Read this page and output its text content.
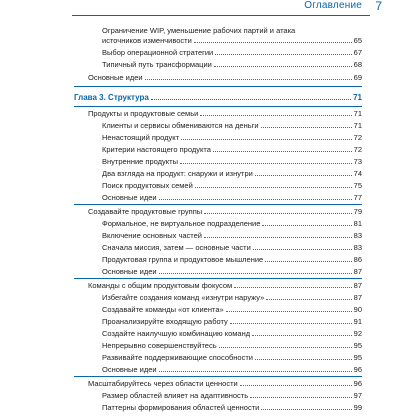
Оглавление 7
Ограничение WIP, уменьшение рабочих партий и атака
источников изменчивости	65
Выбор операционной стратегии	67
Типичный путь трансформации	68
Основные идеи	69
Глава 3. Структура	71
Продукты и продуктовые семьи	71
Клиенты и сервисы обмениваются на деньги	71
Ненастоящий продукт	72
Критерии настоящего продукта	72
Внутренние продукты	73
Два взгляда на продукт: снаружи и изнутри	74
Поиск продуктовых семей	75
Основные идеи	77
Создавайте продуктовые группы	79
Формальное, не виртуальное подразделение	81
Включение основных частей	83
Сначала миссия, затем — основные части	83
Продуктовая группа и продуктовое мышление	86
Основные идеи	87
Команды с общим продуктовым фокусом	87
Избегайте создания команд «изнутри наружу»	87
Создавайте команды «от клиента»	90
Проанализируйте входящую работу	91
Создайте наилучшую комбинацию команд	92
Непрерывно совершенствуйтесь	95
Развивайте поддерживающие способности	95
Основные идеи	96
Масштабируйтесь через области ценности	96
Размер областей влияет на адаптивность	97
Паттерны формирования областей ценности	99
